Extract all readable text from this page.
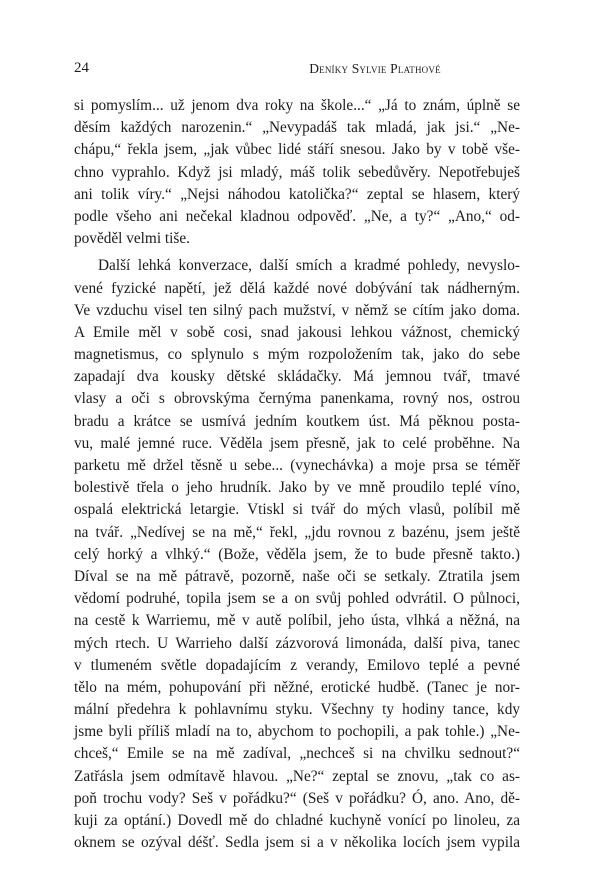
24	Deníky Sylvie Plathové
si pomyslím... už jenom dva roky na škole...“ „Já to znám, úplně se
děsím každých narozenin.“ „Nevypadáš tak mladá, jak jsi.“ „Ne-
chápu,“ řekla jsem, „jak vůbec lidé stáří snesou. Jako by v tobě vše-
chno vyprahlo. Když jsi mladý, máš tolik sebedůvěry. Nepotřebuješ
ani tolik víry.“ „Nejsi náhodou katolička?“ zeptal se hlasem, který
podle všeho ani nečekal kladnou odpověď. „Ne, a ty?“ „Ano,“ od-
pověděl velmi tiše.
Další lehká konverzace, další smích a kradmé pohledy, nevyslo-
vené fyzické napětí, jež dělá každé nové dobývání tak nádherným.
Ve vzduchu visel ten silný pach mužství, v němž se cítím jako doma.
A Emile měl v sobě cosi, snad jakousi lehkou vážnost, chemický
magnetismus, co splynulo s mým rozpoložením tak, jako do sebe
zapadají dva kousky dětské skládačky. Má jemnou tvář, tmavé
vlasy a oči s obrovskýma černýma panenkama, rovný nos, ostrou
bradu a krátce se usmívá jedním koutkem úst. Má pěknou posta-
vu, malé jemné ruce. Věděla jsem přesně, jak to celé proběhne. Na
parketu mě držel těsně u sebe... (vynechávka) a moje prsa se téměř
bolestivě třela o jeho hrudník. Jako by ve mně proudilo teplé víno,
ospalá elektrická letargie. Vtiskl si tvář do mých vlasů, políbil mě
na tvář. „Nedívej se na mě,“ řekl, „jdu rovnou z bazénu, jsem ještě
celý horký a vlhký.“ (Bože, věděla jsem, že to bude přesně takto.)
Díval se na mě pátravě, pozorně, naše oči se setkaly. Ztratila jsem
vědomí podruhé, topila jsem se a on svůj pohled odvrátil. O půlnoci,
na cestě k Warriemu, mě v autě políbil, jeho ústa, vlhká a něžná, na
mých rtech. U Warrieho další zázvorová limonáda, další piva, tanec
v tlumeném světle dopadajícím z verandy, Emilovo teplé a pevné
tělo na mém, pohupování při něžné, erotické hudbě. (Tanec je nor-
mální předehra k pohlavnímu styku. Všechny ty hodiny tance, kdy
jsme byli příliš mladí na to, abychom to pochopili, a pak tohle.) „Ne-
chceš,“ Emile se na mě zadíval, „nechceš si na chvilku sednout?“
Zatřásla jsem odmítavě hlavou. „Ne?“ zeptal se znovu, „tak co as-
poň trochu vody? Seš v pořádku?“ (Seš v pořádku? Ó, ano. Ano, dě-
kuji za optání.) Dovedl mě do chladné kuchyně vonící po linoleu, za
oknem se ozýval déšť. Sedla jsem si a v několika locích jsem vypila
